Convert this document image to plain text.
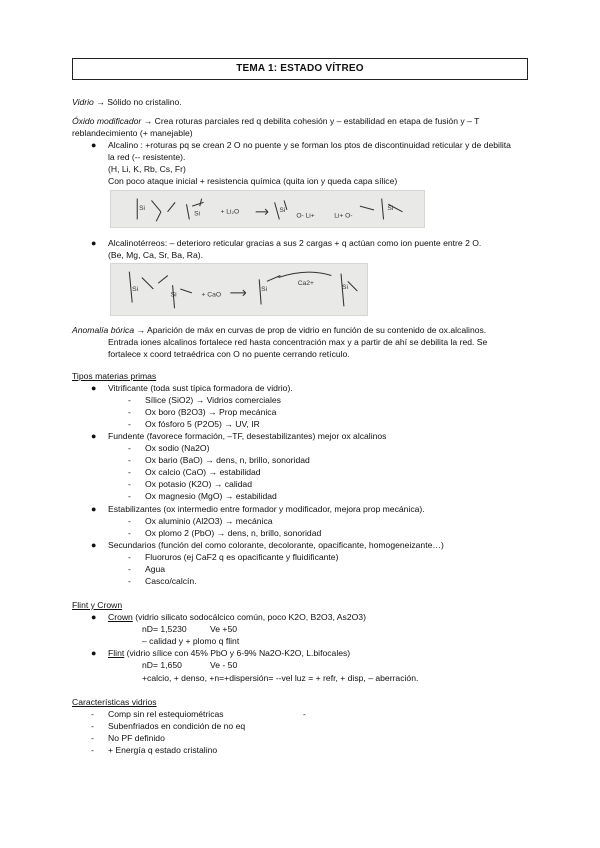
TEMA 1: ESTADO VÍTREO
Vidrio → Sólido no cristalino.
Óxido modificador → Crea roturas parciales red q debilita cohesión y – estabilidad en etapa de fusión y – T
reblandecimiento (+ manejable)
● Alcalino : +roturas pq se crean 2 O no puente y se forman los ptos de discontinuidad reticular y de debilita
la red (-- resistente).
(H, Li, K, Rb, Cs, Fr)
Con poco ataque inicial + resistencia química (quita ion y queda capa sílice)
Si
Si	+ Li₂O	Si
O- Li+	Li+ O-
Si
● Alcalinotérreos: – deterioro reticular gracias a sus 2 cargas + q actúan como ion puente entre 2 O.
(Be, Mg, Ca, Sr, Ba, Ra).
Si
Si	+ CaO
Si
Ca2+
Si
Anomalía bórica → Aparición de máx en curvas de prop de vidrio en función de su contenido de ox.alcalinos.
Entrada iones alcalinos fortalece red hasta concentración max y a partir de ahí se debilita la red. Se
fortalece x coord tetraédrica con O no puente cerrando retículo.
Tipos materias primas
● Vitrificante (toda sust típica formadora de vidrio).
- Sílice (SiO2) → Vidrios comerciales
- Ox boro (B2O3) → Prop mecánica
- Ox fósforo 5 (P2O5) → UV, IR
● Fundente (favorece formación, –TF, desestabilizantes) mejor ox alcalinos
- Ox sodio (Na2O)
- Ox bario (BaO) → dens, n, brillo, sonoridad
- Ox calcio (CaO) → estabilidad
- Ox potasio (K2O) → calidad
- Ox magnesio (MgO) → estabilidad
● Estabilizantes (ox intermedio entre formador y modificador, mejora prop mecánica).
- Ox aluminio (Al2O3) → mecánica
- Ox plomo 2 (PbO) → dens, n, brillo, sonoridad
● Secundarios (función del como colorante, decolorante, opacificante, homogeneizante…)
- Fluoruros (ej CaF2 q es opacificante y fluidificante)
- Agua
- Casco/calcín.
Flint y Crown
● Crown (vidrio silicato sodocálcico común, poco K2O, B2O3, As2O3)
nD= 1,5230	Ve +50
– calidad y + plomo q flint
● Flint (vidrio sílice con 45% PbO y 6-9% Na2O-K2O, L.bifocales)
nD= 1,650	Ve - 50
+calcio, + denso, +n=+dispersión= --vel luz = + refr, + disp, – aberración.
Características vidrios
- Comp sin rel estequiométricas	-
- Subenfriados en condición de no eq
- No PF definido
- + Energía q estado cristalino
